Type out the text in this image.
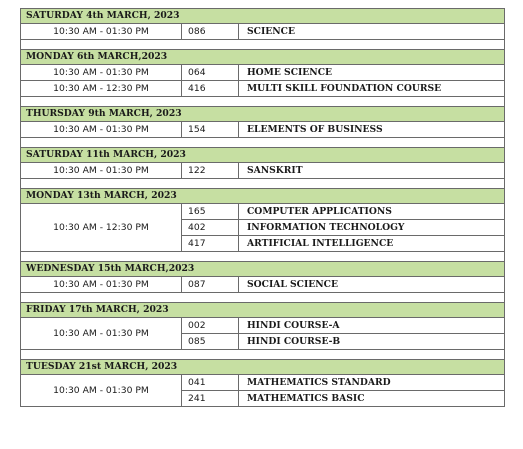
SATURDAY 4th MARCH, 2023
10:30 AM - 01:30 PM	086	SCIENCE
MONDAY 6th MARCH,2023
10:30 AM - 01:30 PM	064	HOME SCIENCE
10:30 AM - 12:30 PM	416	MULTI SKILL FOUNDATION COURSE
THURSDAY 9th MARCH, 2023
10:30 AM - 01:30 PM	154	ELEMENTS OF BUSINESS
SATURDAY 11th MARCH, 2023
10:30 AM - 01:30 PM	122	SANSKRIT
MONDAY 13th MARCH, 2023
10:30 AM - 12:30 PM
165	COMPUTER APPLICATIONS
402	INFORMATION TECHNOLOGY
417	ARTIFICIAL INTELLIGENCE
WEDNESDAY 15th MARCH,2023
10:30 AM - 01:30 PM	087	SOCIAL SCIENCE
FRIDAY 17th MARCH, 2023
10:30 AM - 01:30 PM
002	HINDI COURSE-A
085	HINDI COURSE-B
TUESDAY 21st MARCH, 2023
10:30 AM - 01:30 PM
041	MATHEMATICS STANDARD
241	MATHEMATICS BASIC
